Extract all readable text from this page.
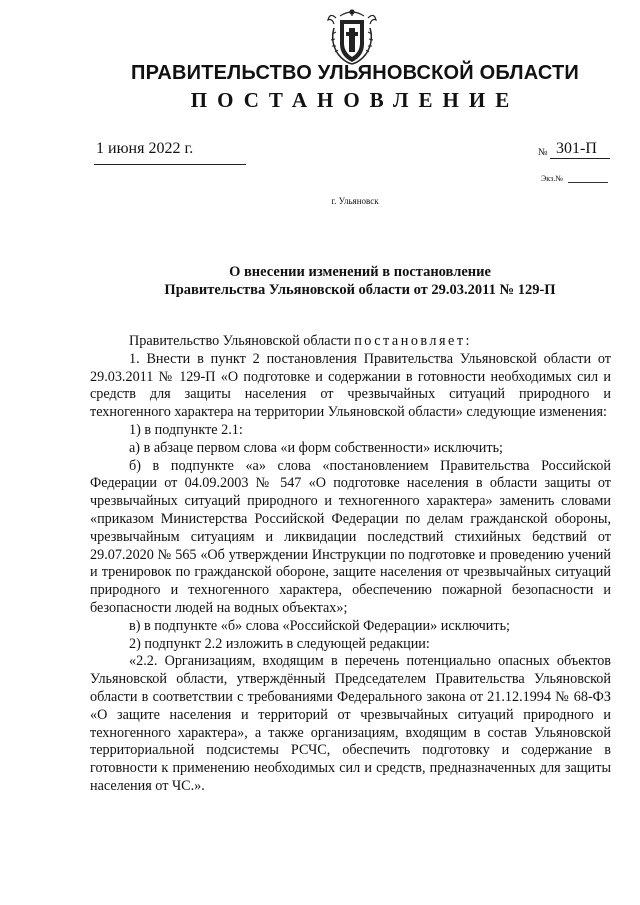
ПРАВИТЕЛЬСТВО УЛЬЯНОВСКОЙ ОБЛАСТИ
ПОСТАНОВЛЕНИЕ
1 июня 2022 г.	№ 301-П
Экз.№
г. Ульяновск
О внесении изменений в постановление
Правительства Ульяновской области от 29.03.2011 № 129-П

Правительство Ульяновской области постановляет:

1. Внести в пункт 2 постановления Правительства Ульяновской области от 29.03.2011 № 129-П «О подготовке и содержании в готовности необходимых сил и средств для защиты населения от чрезвычайных ситуаций природного и техногенного характера на территории Ульяновской области» следующие изменения:

1) в подпункте 2.1:

а) в абзаце первом слова «и форм собственности» исключить;

б) в подпункте «а» слова «постановлением Правительства Российской Федерации от 04.09.2003 № 547 «О подготовке населения в области защиты от чрезвычайных ситуаций природного и техногенного характера» заменить словами «приказом Министерства Российской Федерации по делам гражданской обороны, чрезвычайным ситуациям и ликвидации последствий стихийных бедствий от 29.07.2020 № 565 «Об утверждении Инструкции по подготовке и проведению учений и тренировок по гражданской обороне, защите населения от чрезвычайных ситуаций природного и техногенного характера, обеспечению пожарной безопасности и безопасности людей на водных объектах»;

в) в подпункте «б» слова «Российской Федерации» исключить;

2) подпункт 2.2 изложить в следующей редакции:

«2.2. Организациям, входящим в перечень потенциально опасных объектов Ульяновской области, утверждённый Председателем Правительства Ульяновской области в соответствии с требованиями Федерального закона от 21.12.1994 № 68-ФЗ «О защите населения и территорий от чрезвычайных ситуаций природного и техногенного характера», а также организациям, входящим в состав Ульяновской территориальной подсистемы РСЧС, обеспечить подготовку и содержание в готовности к применению необходимых сил и средств, предназначенных для защиты населения от ЧС.».
